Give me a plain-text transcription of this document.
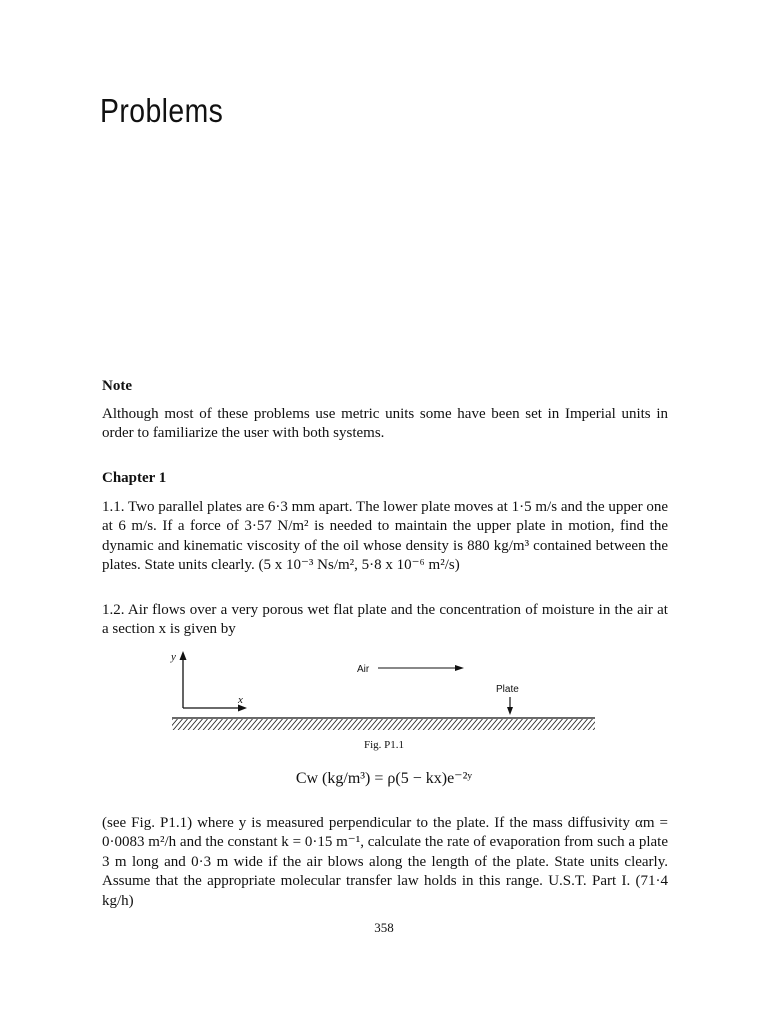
Problems
Note

Although most of these problems use metric units some have been set in Imperial units in order to familiarize the user with both systems.

Chapter 1

1.1. Two parallel plates are 6·3 mm apart. The lower plate moves at 1·5 m/s and the upper one at 6 m/s. If a force of 3·57 N/m² is needed to maintain the upper plate in motion, find the dynamic and kinematic viscosity of the oil whose density is 880 kg/m³ contained between the plates. State units clearly. (5 x 10⁻³ Ns/m², 5·8 x 10⁻⁶ m²/s)

1.2. Air flows over a very porous wet flat plate and the concentration of moisture in the air at a section x is given by

y
x
Air
Plate
Fig. P1.1
Cw (kg/m³) = ρ(5 − kx)e⁻²ʸ

(see Fig. P1.1) where y is measured perpendicular to the plate. If the mass diffusivity αm = 0·0083 m²/h and the constant k = 0·15 m⁻¹, calculate the rate of evaporation from such a plate 3 m long and 0·3 m wide if the air blows along the length of the plate. State units clearly. Assume that the appropriate molecular transfer law holds in this range. U.S.T. Part I. (71·4 kg/h)

358
